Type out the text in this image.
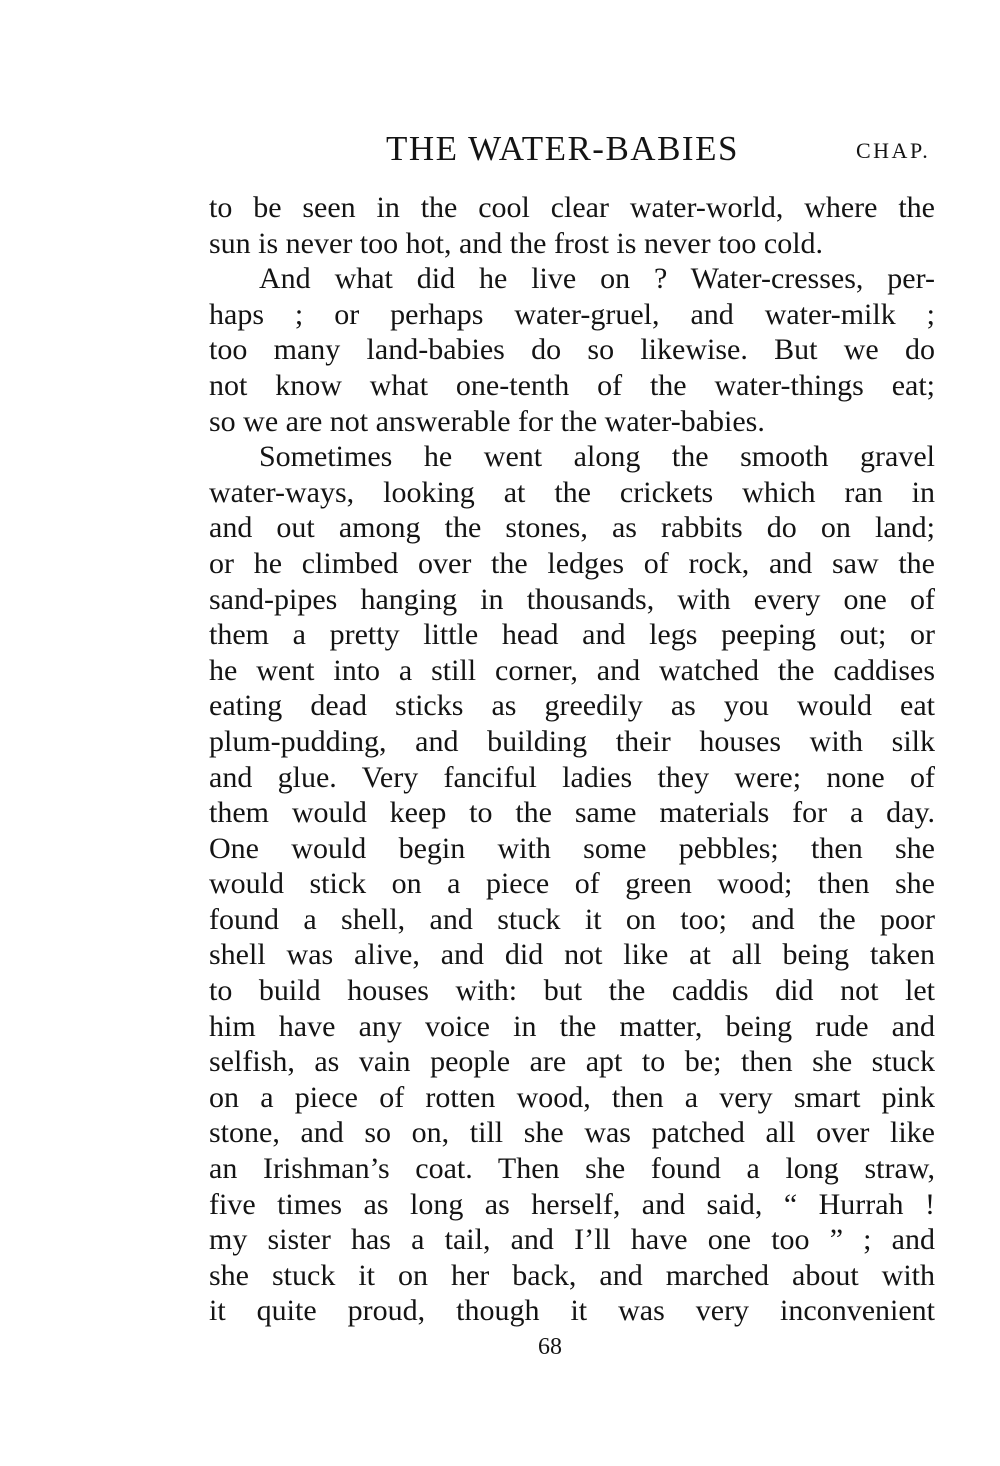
THE WATER-BABIES	CHAP.
to be seen in the cool clear water-world, where the
sun is never too hot, and the frost is never too cold.
And what did he live on ? Water-cresses, per-
haps ; or perhaps water-gruel, and water-milk ;
too many land-babies do so likewise. But we do
not know what one-tenth of the water-things eat;
so we are not answerable for the water-babies.
Sometimes he went along the smooth gravel
water-ways, looking at the crickets which ran in
and out among the stones, as rabbits do on land;
or he climbed over the ledges of rock, and saw the
sand-pipes hanging in thousands, with every one of
them a pretty little head and legs peeping out; or
he went into a still corner, and watched the caddises
eating dead sticks as greedily as you would eat
plum-pudding, and building their houses with silk
and glue. Very fanciful ladies they were; none of
them would keep to the same materials for a day.
One would begin with some pebbles; then she
would stick on a piece of green wood; then she
found a shell, and stuck it on too; and the poor
shell was alive, and did not like at all being taken
to build houses with: but the caddis did not let
him have any voice in the matter, being rude and
selfish, as vain people are apt to be; then she stuck
on a piece of rotten wood, then a very smart pink
stone, and so on, till she was patched all over like
an Irishman’s coat. Then she found a long straw,
five times as long as herself, and said, “ Hurrah !
my sister has a tail, and I’ll have one too ” ; and
she stuck it on her back, and marched about with
it quite proud, though it was very inconvenient
68
